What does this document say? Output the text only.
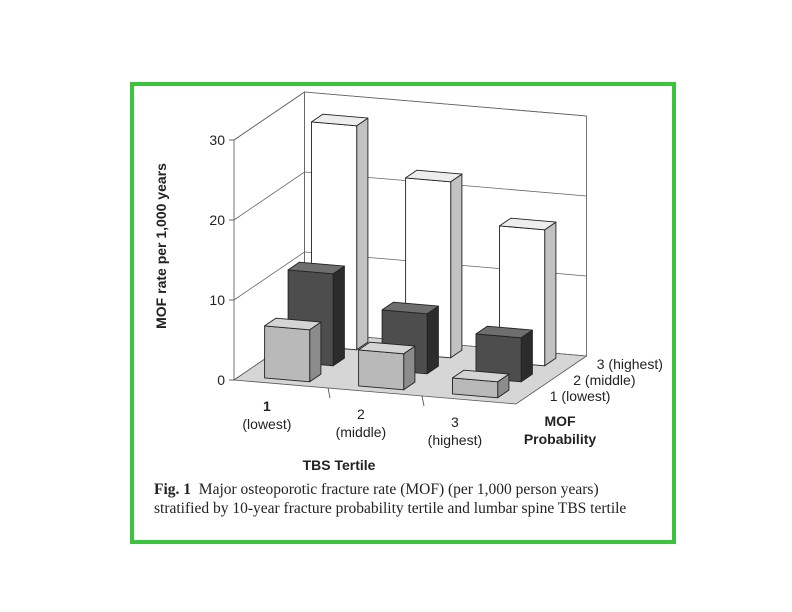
0
10
20
30
1
(lowest)
2
(middle)
3
(highest)
1 (lowest)
2 (middle)
3 (highest)
MOF rate per 1,000 years
TBS Tertile
MOF
Probability
Fig. 1 Major osteoporotic fracture rate (MOF) (per 1,000 person years) stratified by 10-year fracture probability tertile and lumbar spine TBS tertile
